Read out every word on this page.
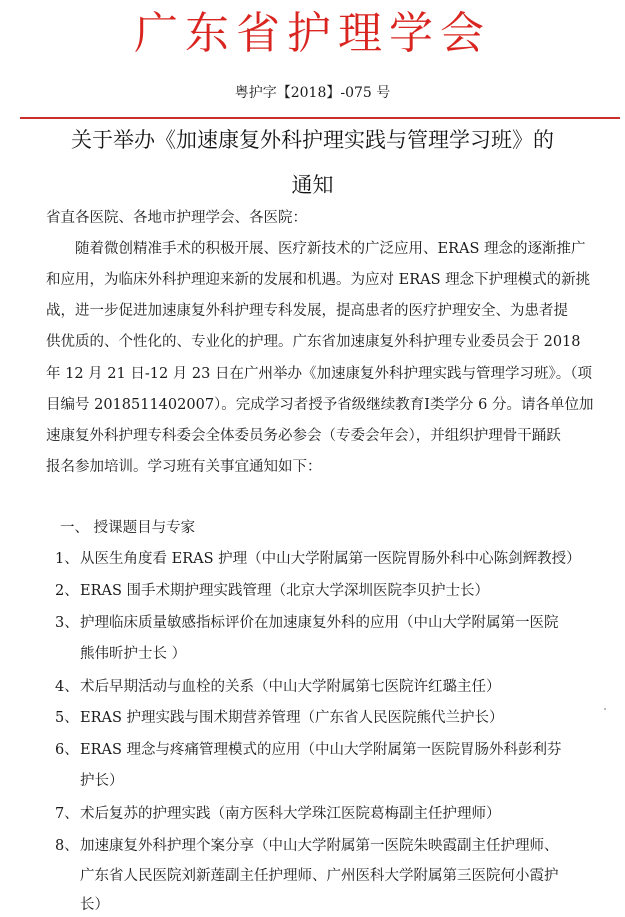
广东省护理学会
粤护字【2018】-075 号
关于举办《加速康复外科护理实践与管理学习班》的
通知
省直各医院、各地市护理学会、各医院：
随着微创精准手术的积极开展、医疗新技术的广泛应用、ERAS 理念的逐渐推广
和应用，为临床外科护理迎来新的发展和机遇。为应对 ERAS 理念下护理模式的新挑
战，进一步促进加速康复外科护理专科发展，提高患者的医疗护理安全、为患者提
供优质的、个性化的、专业化的护理。广东省加速康复外科护理专业委员会于 2018
年 12 月 21 日-12 月 23 日在广州举办《加速康复外科护理实践与管理学习班》。（项
目编号 2018511402007）。完成学习者授予省级继续教育Ⅰ类学分 6 分。请各单位加
速康复外科护理专科委会全体委员务必参会（专委会年会），并组织护理骨干踊跃
报名参加培训。学习班有关事宜通知如下：
一、 授课题目与专家
1、 从医生角度看 ERAS 护理（中山大学附属第一医院胃肠外科中心陈剑辉教授）
2、 ERAS 围手术期护理实践管理（北京大学深圳医院李贝护士长）
3、 护理临床质量敏感指标评价在加速康复外科的应用（中山大学附属第一医院
熊伟昕护士长 ）
4、 术后早期活动与血栓的关系（中山大学附属第七医院许红璐主任）
5、 ERAS 护理实践与围术期营养管理（广东省人民医院熊代兰护长）
6、 ERAS 理念与疼痛管理模式的应用（中山大学附属第一医院胃肠外科彭利芬
护长）
7、 术后复苏的护理实践（南方医科大学珠江医院葛梅副主任护理师）
8、 加速康复外科护理个案分享（中山大学附属第一医院朱映霞副主任护理师、
广东省人民医院刘新莲副主任护理师、广州医科大学附属第三医院何小霞护
长）
